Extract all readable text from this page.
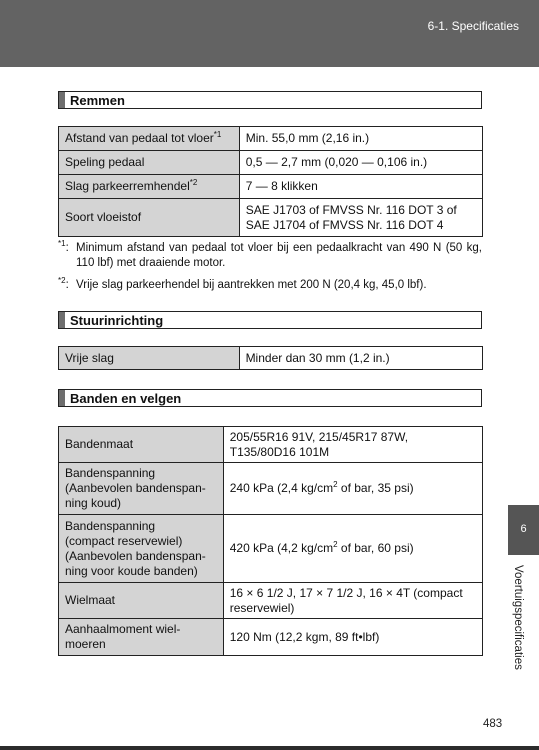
6-1. Specificaties
Remmen
Afstand van pedaal tot vloer$^{*1}$	Min. 55,0 mm (2,16 in.)
Speling pedaal	0,5 — 2,7 mm (0,020 — 0,106 in.)
Slag parkeerremhendel$^{*2}$	7 — 8 klikken
Soort vloeistof	SAE J1703 of FMVSS Nr. 116 DOT 3 of
SAE J1704 of FMVSS Nr. 116 DOT 4
$^{*1}$: Minimum afstand van pedaal tot vloer bij een pedaalkracht van 490 N (50 kg, 110 lbf) met draaiende motor.
$^{*2}$: Vrije slag parkeerhendel bij aantrekken met 200 N (20,4 kg, 45,0 lbf).
Stuurinrichting
Vrije slag	Minder dan 30 mm (1,2 in.)
Banden en velgen
Bandenmaat	205/55R16 91V, 215/45R17 87W,
T135/80D16 101M
Bandenspanning
(Aanbevolen bandenspan-
ning koud)	240 kPa (2,4 $kg/cm^2$ of bar, 35 psi)
Bandenspanning
(compact reservewiel)
(Aanbevolen bandenspan-
ning voor koude banden)	420 kPa (4,2 $kg/cm^2$ of bar, 60 psi)
Wielmaat	16 × 6 1/2 J, 17 × 7 1/2 J, 16 × 4T (compact
reservewiel)
Aanhaalmoment wiel-
moeren	120 Nm (12,2 kgm, 89 ft•lbf)
6
Voertuigspecificaties
483
